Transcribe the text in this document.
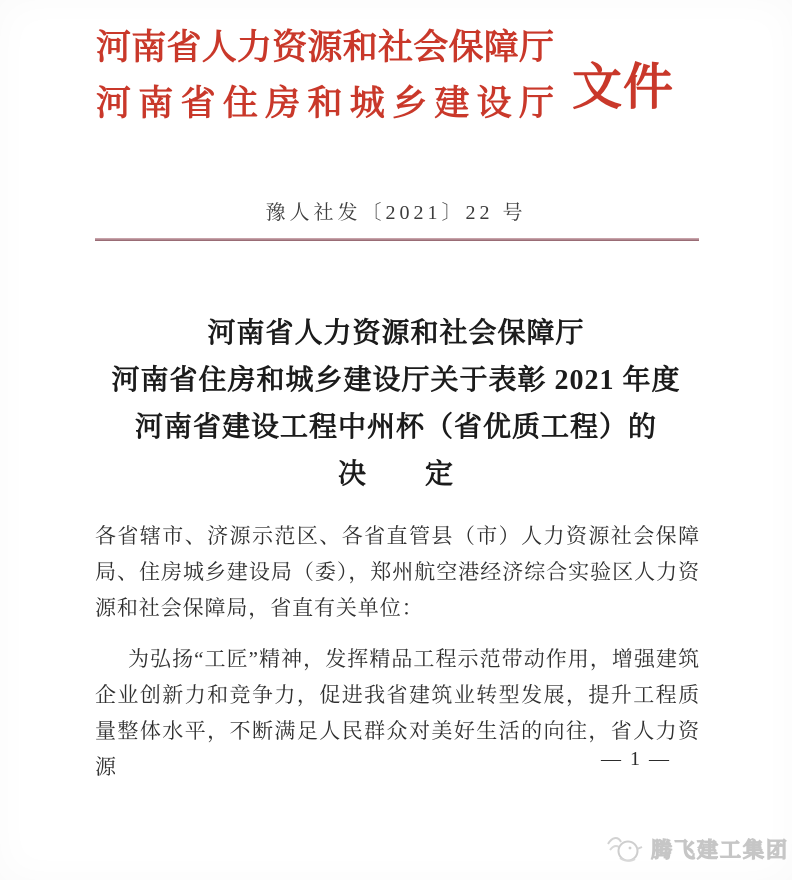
河南省人力资源和社会保障厅
河南省住房和城乡建设厅 文件
豫人社发〔2021〕22 号
河南省人力资源和社会保障厅
河南省住房和城乡建设厅关于表彰 2021 年度
河南省建设工程中州杯（省优质工程）的
决　　定

各省辖市、济源示范区、各省直管县（市）人力资源社会保障局、住房城乡建设局（委），郑州航空港经济综合实验区人力资源和社会保障局，省直有关单位：

为弘扬“工匠”精神，发挥精品工程示范带动作用，增强建筑企业创新力和竞争力，促进我省建筑业转型发展，提升工程质量整体水平，不断满足人民群众对美好生活的向往，省人力资源	— 1 —
腾飞建工集团
